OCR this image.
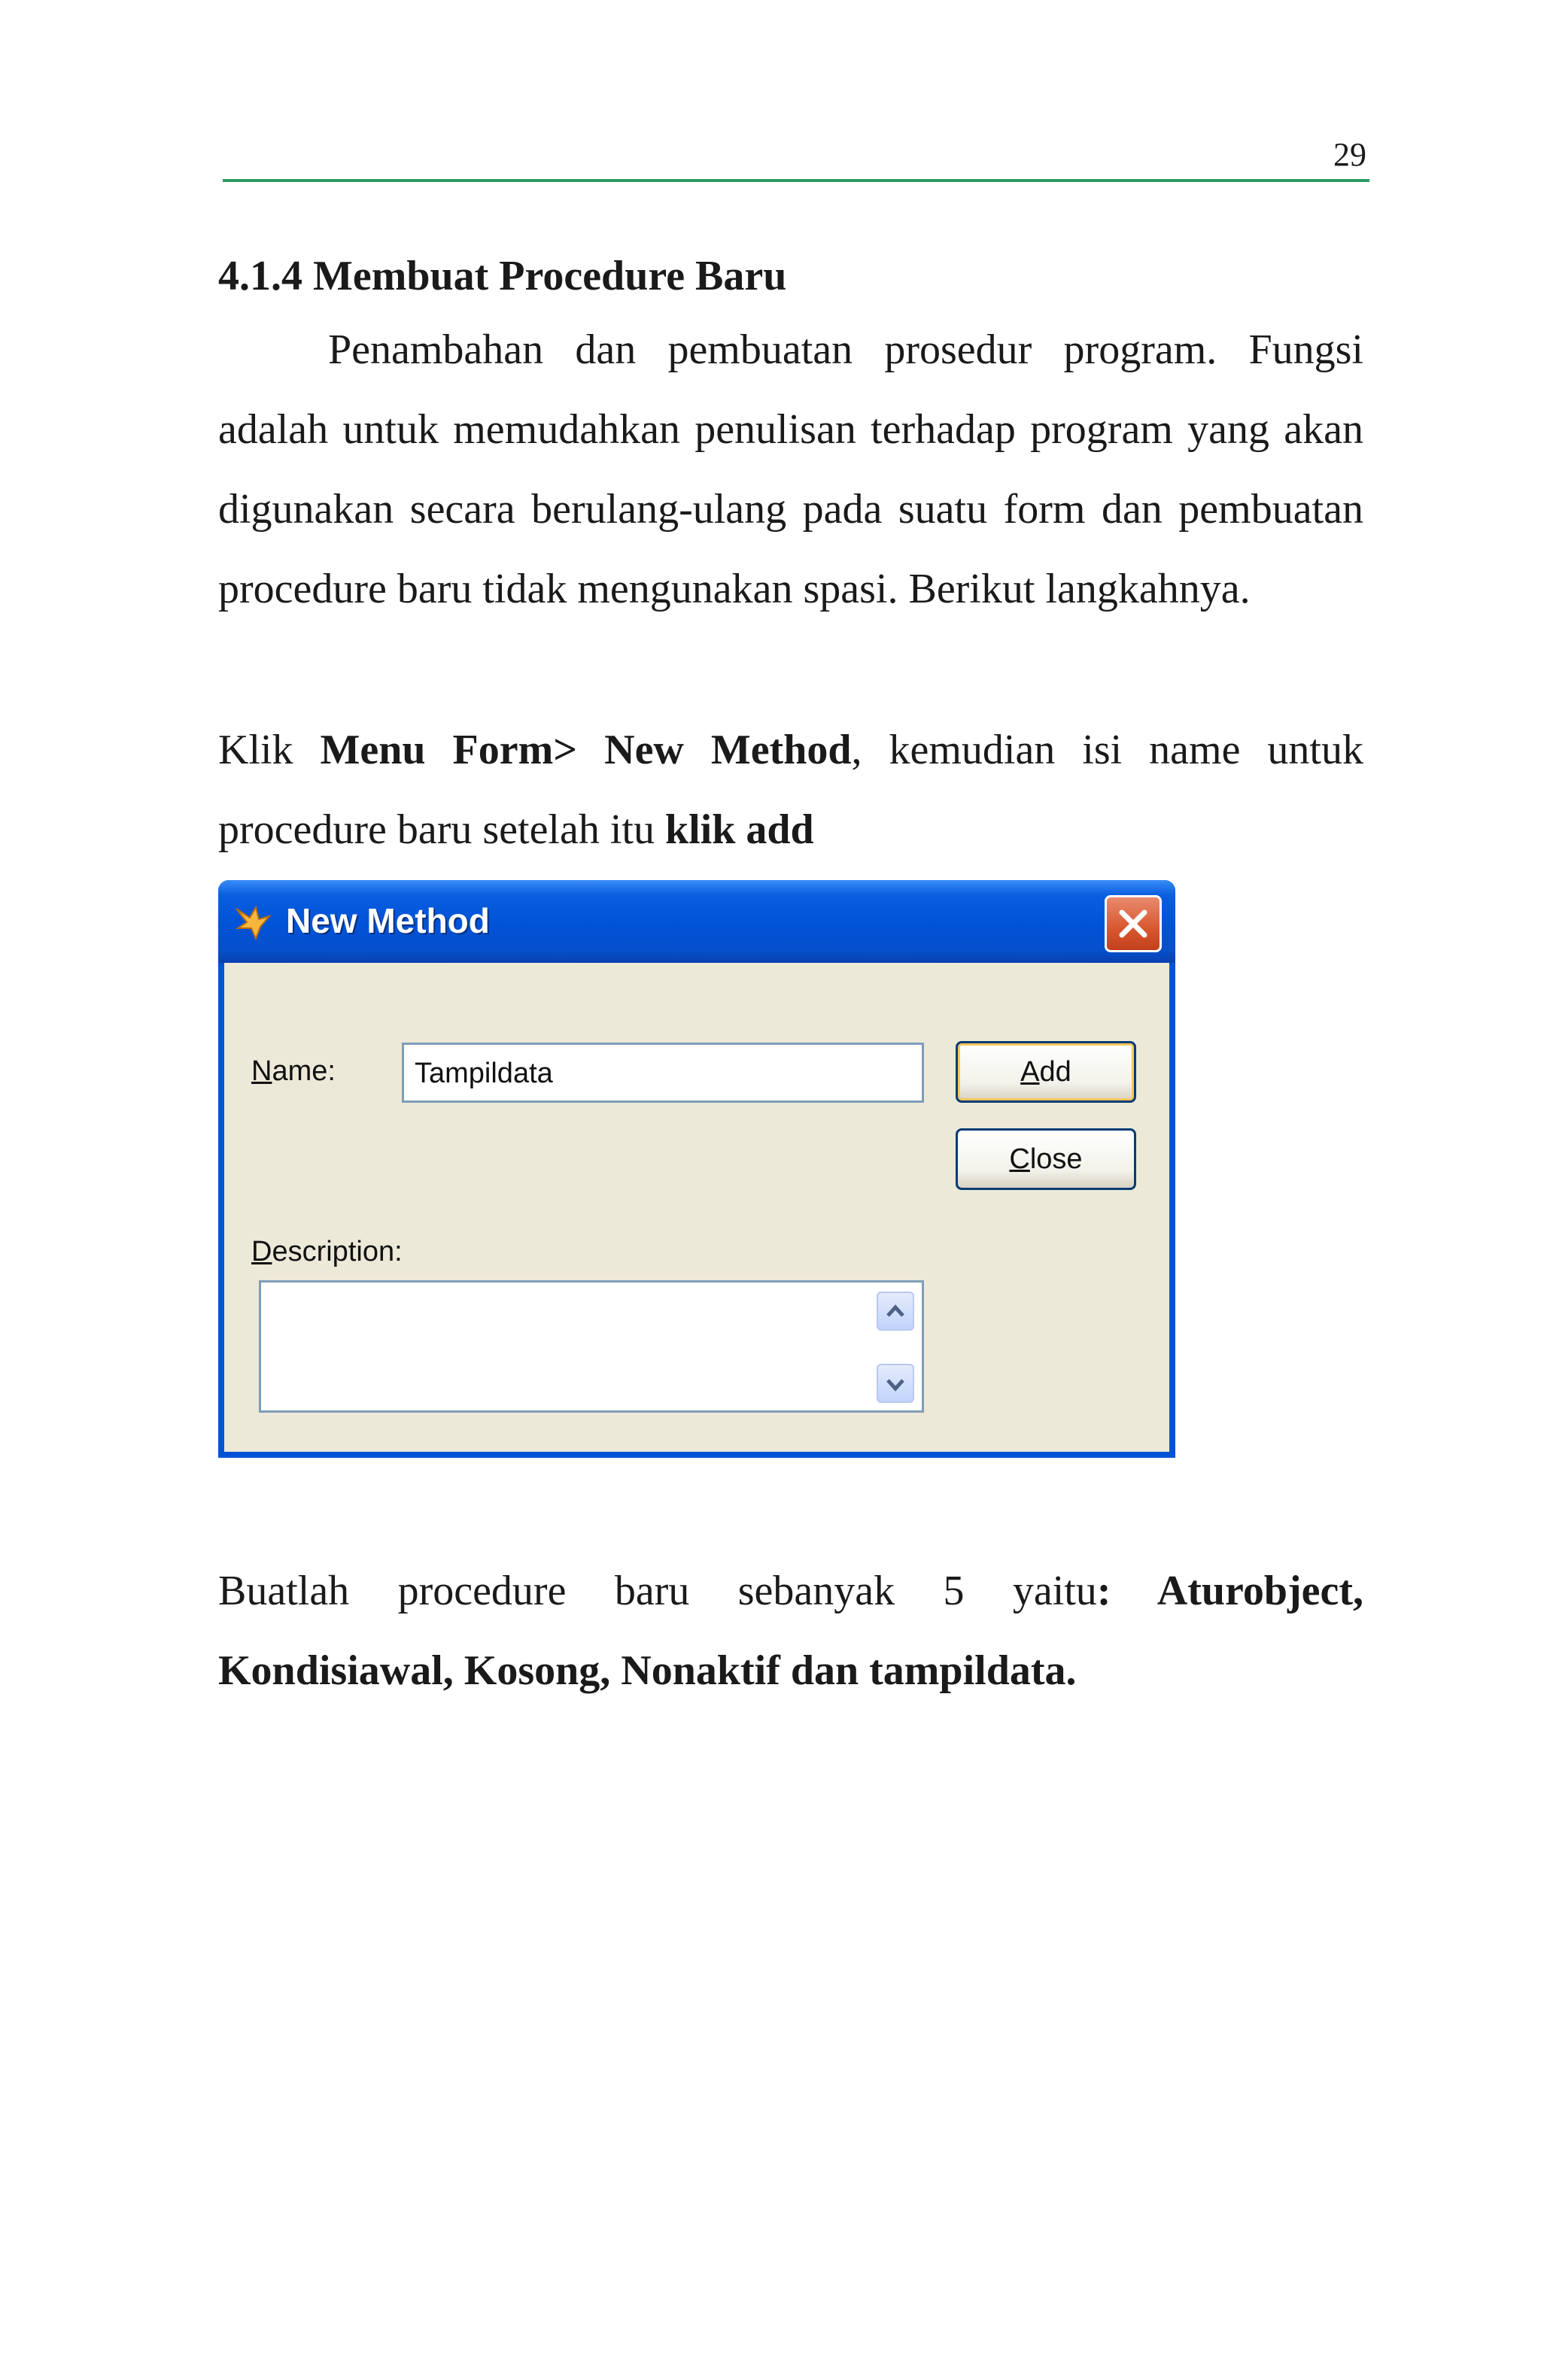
29
4.1.4 Membuat Procedure Baru
Penambahan dan pembuatan prosedur program. Fungsi adalah untuk memudahkan penulisan terhadap program yang akan digunakan secara berulang-ulang pada suatu form dan pembuatan procedure baru tidak mengunakan spasi. Berikut langkahnya.
Klik Menu Form> New Method, kemudian isi name untuk procedure baru setelah itu klik add
New Method
Name:	Tampildata	A dd
C lose
Description:
Buatlah procedure baru sebanyak 5 yaitu: Aturobject, Kondisiawal, Kosong, Nonaktif dan tampildata.
